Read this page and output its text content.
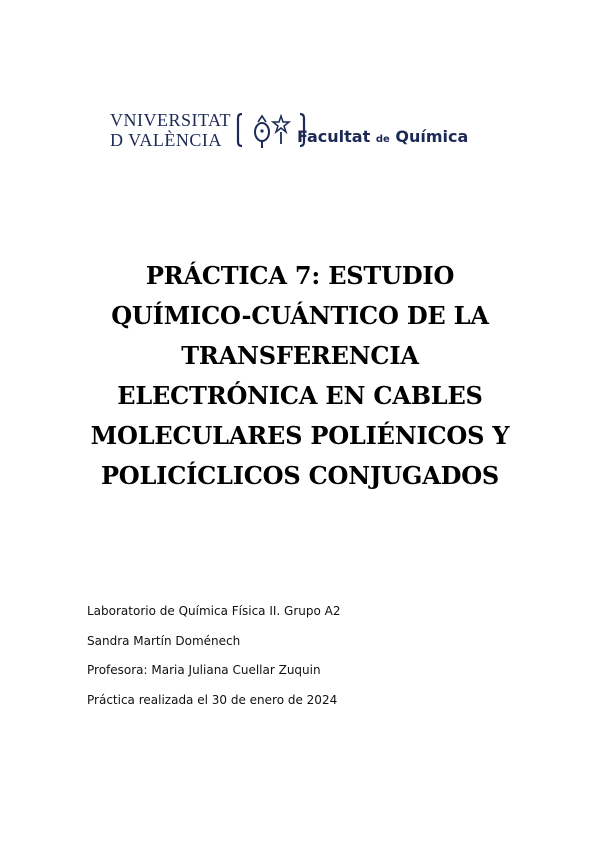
VNIVERSITAT
D VALÈNCIA	Facultat de Química
PRÁCTICA 7: ESTUDIO
QUÍMICO-CUÁNTICO DE LA
TRANSFERENCIA
ELECTRÓNICA EN CABLES
MOLECULARES POLIÉNICOS Y
POLICÍCLICOS CONJUGADOS
Laboratorio de Química Física II. Grupo A2
Sandra Martín Doménech
Profesora: Maria Juliana Cuellar Zuquin
Práctica realizada el 30 de enero de 2024
